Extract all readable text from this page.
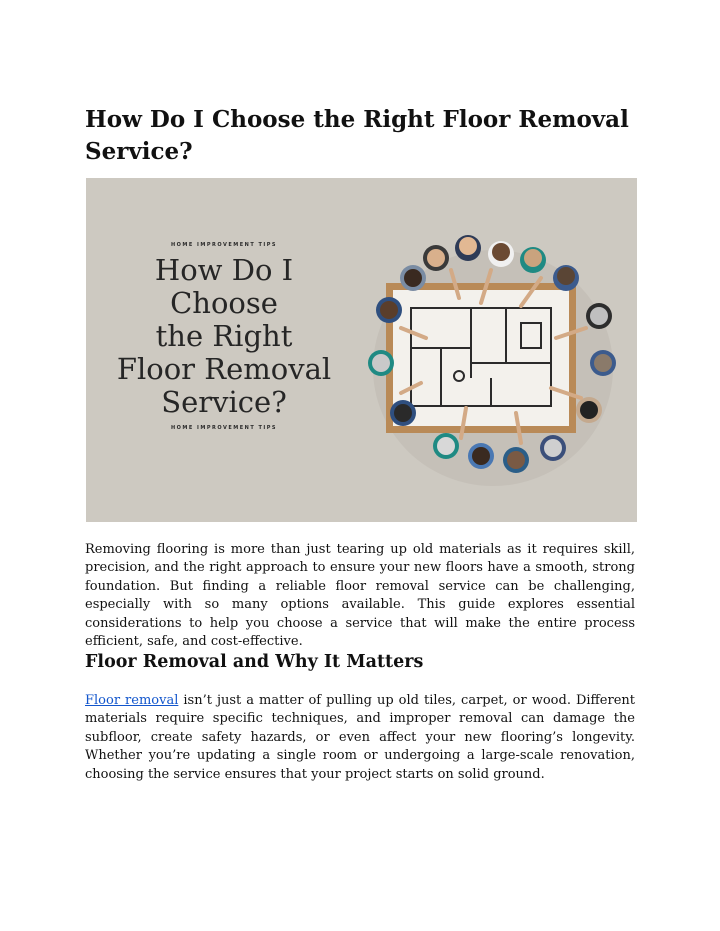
How Do I Choose the Right Floor Removal Service?
HOME IMPROVEMENT TIPS
How Do I
Choose
the Right
Floor Removal
Service?
HOME IMPROVEMENT TIPS

Removing flooring is more than just tearing up old materials as it requires skill, precision, and the right approach to ensure your new floors have a smooth, strong foundation. But finding a reliable floor removal service can be challenging, especially with so many options available. This guide explores essential considerations to help you choose a service that will make the entire process efficient, safe, and cost-effective.

Floor Removal and Why It Matters

Floor removal isn’t just a matter of pulling up old tiles, carpet, or wood. Different materials require specific techniques, and improper removal can damage the subfloor, create safety hazards, or even affect your new flooring’s longevity. Whether you’re updating a single room or undergoing a large-scale renovation, choosing the service ensures that your project starts on solid ground.
